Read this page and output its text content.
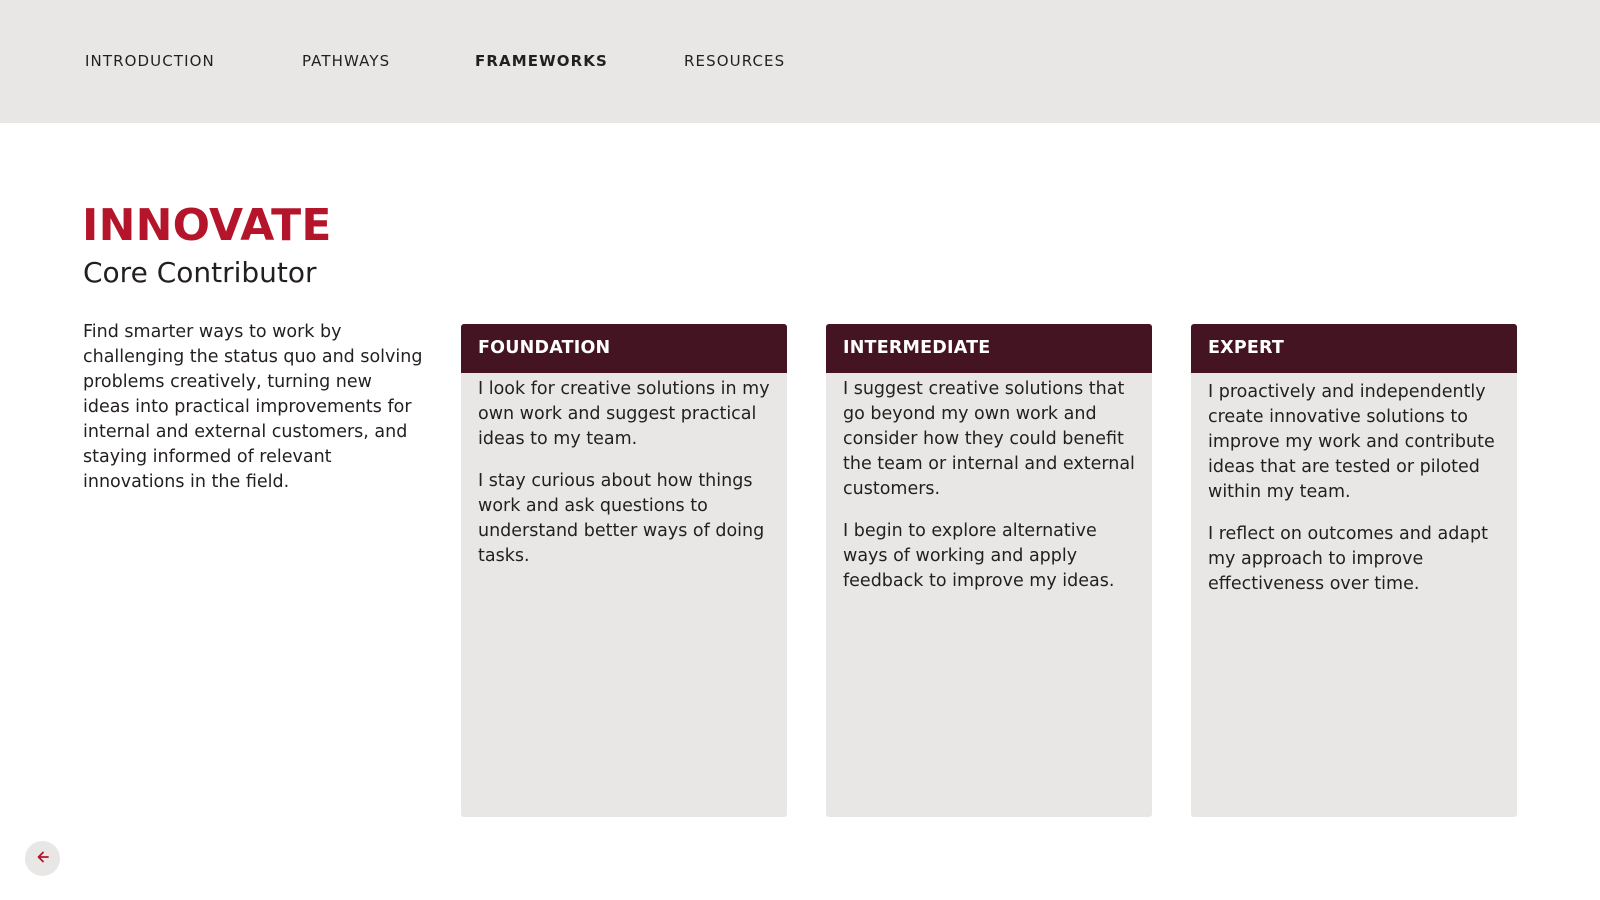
INTRODUCTION	PATHWAYS	FRAMEWORKS	RESOURCES
INNOVATE
Core Contributor

Find smarter ways to work by challenging the status quo and solving problems creatively, turning new ideas into practical improvements for internal and external customers, and staying informed of relevant innovations in the field.

FOUNDATION

I look for creative solutions in my own work and suggest practical ideas to my team.

I stay curious about how things work and ask questions to understand better ways of doing tasks.

INTERMEDIATE

I suggest creative solutions that go beyond my own work and consider how they could benefit the team or internal and external customers.

I begin to explore alternative ways of working and apply feedback to improve my ideas.

EXPERT

I proactively and independently create innovative solutions to improve my work and contribute ideas that are tested or piloted within my team.

I reflect on outcomes and adapt my approach to improve effectiveness over time.
